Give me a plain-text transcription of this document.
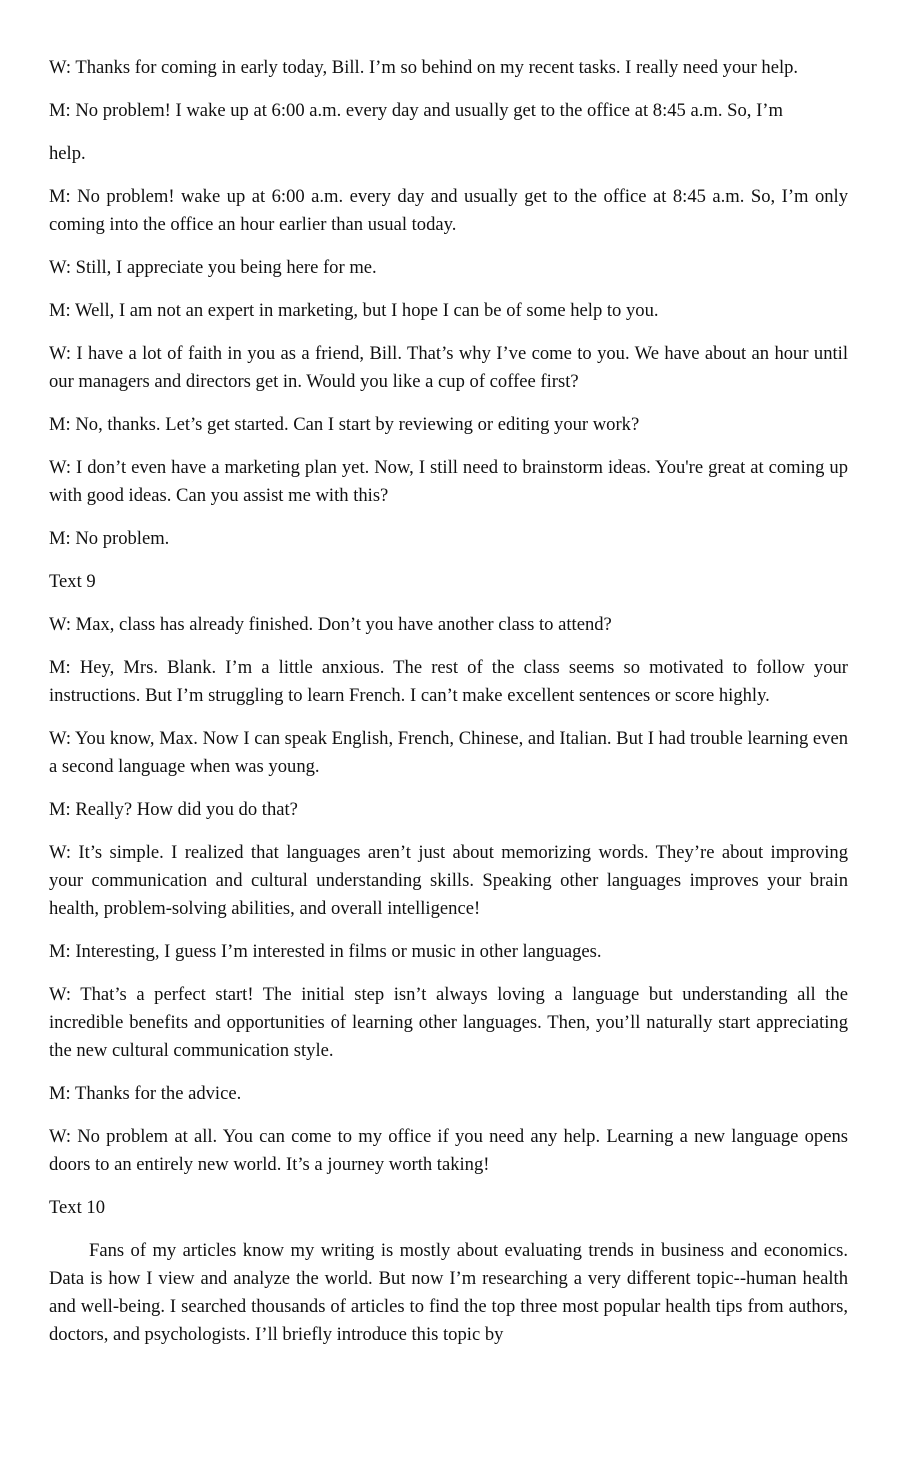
W: Thanks for coming in early today, Bill. I’m so behind on my recent tasks. I really need your help.

M: No problem! I wake up at 6:00 a.m. every day and usually get to the office at 8:45 a.m. So, I’m

help.

M: No problem! wake up at 6:00 a.m. every day and usually get to the office at 8:45 a.m. So, I’m only coming into the office an hour earlier than usual today.

W: Still, I appreciate you being here for me.

M: Well, I am not an expert in marketing, but I hope I can be of some help to you.

W: I have a lot of faith in you as a friend, Bill. That’s why I’ve come to you. We have about an hour until our managers and directors get in. Would you like a cup of coffee first?

M: No, thanks. Let’s get started. Can I start by reviewing or editing your work?

W: I don’t even have a marketing plan yet. Now, I still need to brainstorm ideas. You're great at coming up with good ideas. Can you assist me with this?

M: No problem.

Text 9

W: Max, class has already finished. Don’t you have another class to attend?

M: Hey, Mrs. Blank. I’m a little anxious. The rest of the class seems so motivated to follow your instructions. But I’m struggling to learn French. I can’t make excellent sentences or score highly.

W: You know, Max. Now I can speak English, French, Chinese, and Italian. But I had trouble learning even a second language when was young.

M: Really? How did you do that?

W: It’s simple. I realized that languages aren’t just about memorizing words. They’re about improving your communication and cultural understanding skills. Speaking other languages improves your brain health, problem-solving abilities, and overall intelligence!

M: Interesting, I guess I’m interested in films or music in other languages.

W: That’s a perfect start! The initial step isn’t always loving a language but understanding all the incredible benefits and opportunities of learning other languages. Then, you’ll naturally start appreciating the new cultural communication style.

M: Thanks for the advice.

W: No problem at all. You can come to my office if you need any help. Learning a new language opens doors to an entirely new world. It’s a journey worth taking!

Text 10

Fans of my articles know my writing is mostly about evaluating trends in business and economics. Data is how I view and analyze the world. But now I’m researching a very different topic--human health and well-being. I searched thousands of articles to find the top three most popular health tips from authors, doctors, and psychologists. I’ll briefly introduce this topic by
